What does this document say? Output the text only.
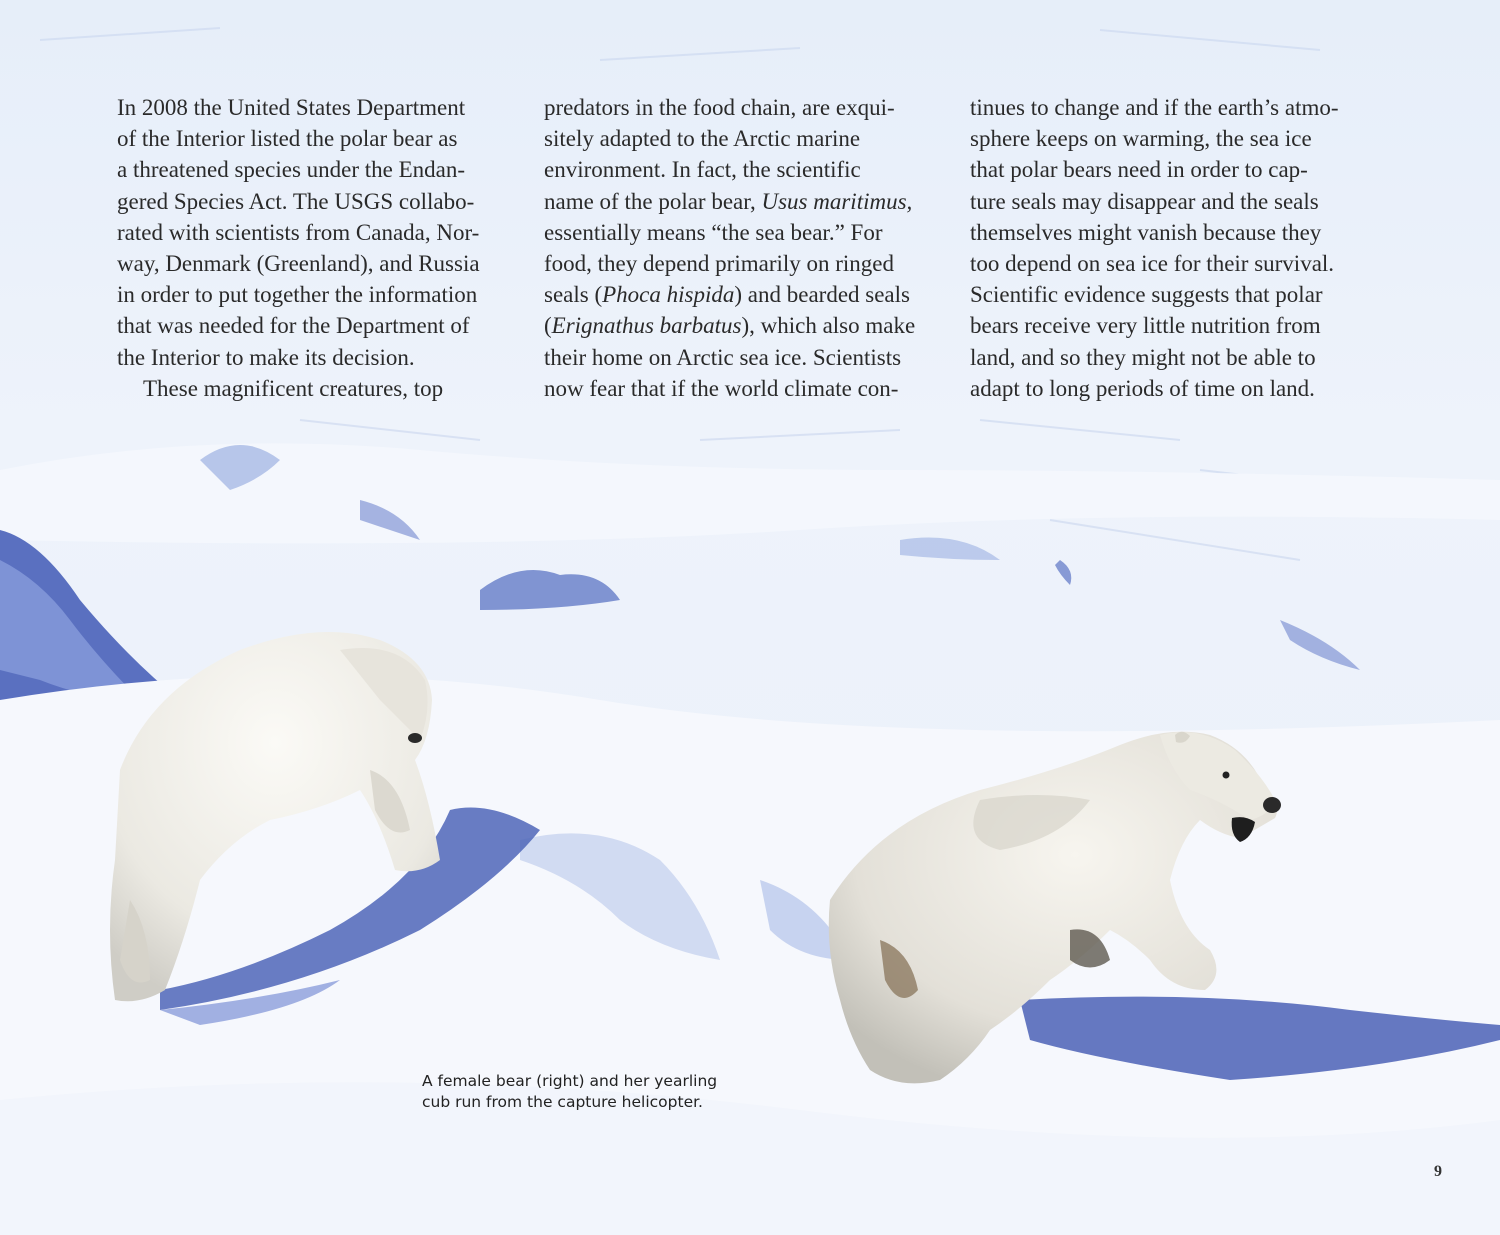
In 2008 the United States Department
of the Interior listed the polar bear as
a threatened species under the Endan-
gered Species Act. The USGS collabo-
rated with scientists from Canada, Nor-
way, Denmark (Greenland), and Russia
in order to put together the information
that was needed for the Department of
the Interior to make its decision.

These magnificent creatures, top

predators in the food chain, are exqui-
sitely adapted to the Arctic marine
environment. In fact, the scientific
name of the polar bear, Usus maritimus,
essentially means “the sea bear.” For
food, they depend primarily on ringed
seals (Phoca hispida) and bearded seals
(Erignathus barbatus), which also make
their home on Arctic sea ice. Scientists
now fear that if the world climate con-
tinues to change and if the earth’s atmo-
sphere keeps on warming, the sea ice
that polar bears need in order to cap-
ture seals may disappear and the seals
themselves might vanish because they
too depend on sea ice for their survival.
Scientific evidence suggests that polar
bears receive very little nutrition from
land, and so they might not be able to
adapt to long periods of time on land.
A female bear (right) and her yearling
cub run from the capture helicopter.
9
